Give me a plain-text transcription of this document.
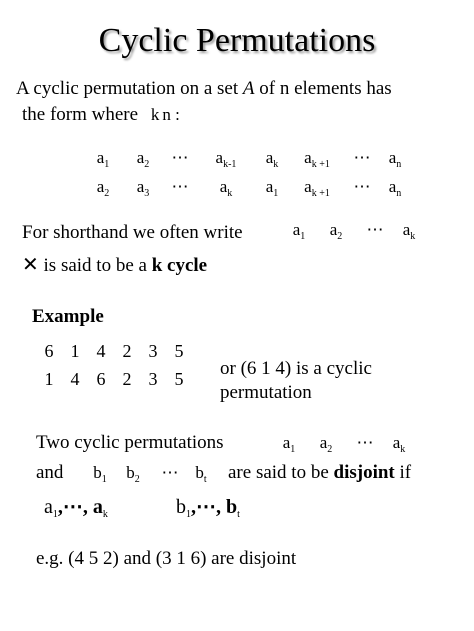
Cyclic Permutations
A cyclic permutation on a set A of n elements has
the form where k n :
$a_1$ $a_2$ ⋯ $a_{k-1}$ $a_k$ $a_{k +1}$ ⋯ $a_n$
$a_2$ $a_3$ ⋯ $a_k$ $a_1$ $a_{k +1}$ ⋯ $a_n$
For shorthand we often write	$a_1$ $a_2$ ⋯ $a_k$
✕ is said to be a k cycle
Example
6 1 4 2 3 5
1 4 6 2 3 5	or (6 1 4) is a cyclic
permutation
Two cyclic permutations	$a_1$ $a_2$ ⋯ $a_k$
and	$b_1$ $b_2$ ⋯ $b_t$	are said to be disjoint if
$a_1,\cdots$, $a_k$	$b_1,\cdots$, $b_t$
e.g. (4 5 2) and (3 1 6) are disjoint
